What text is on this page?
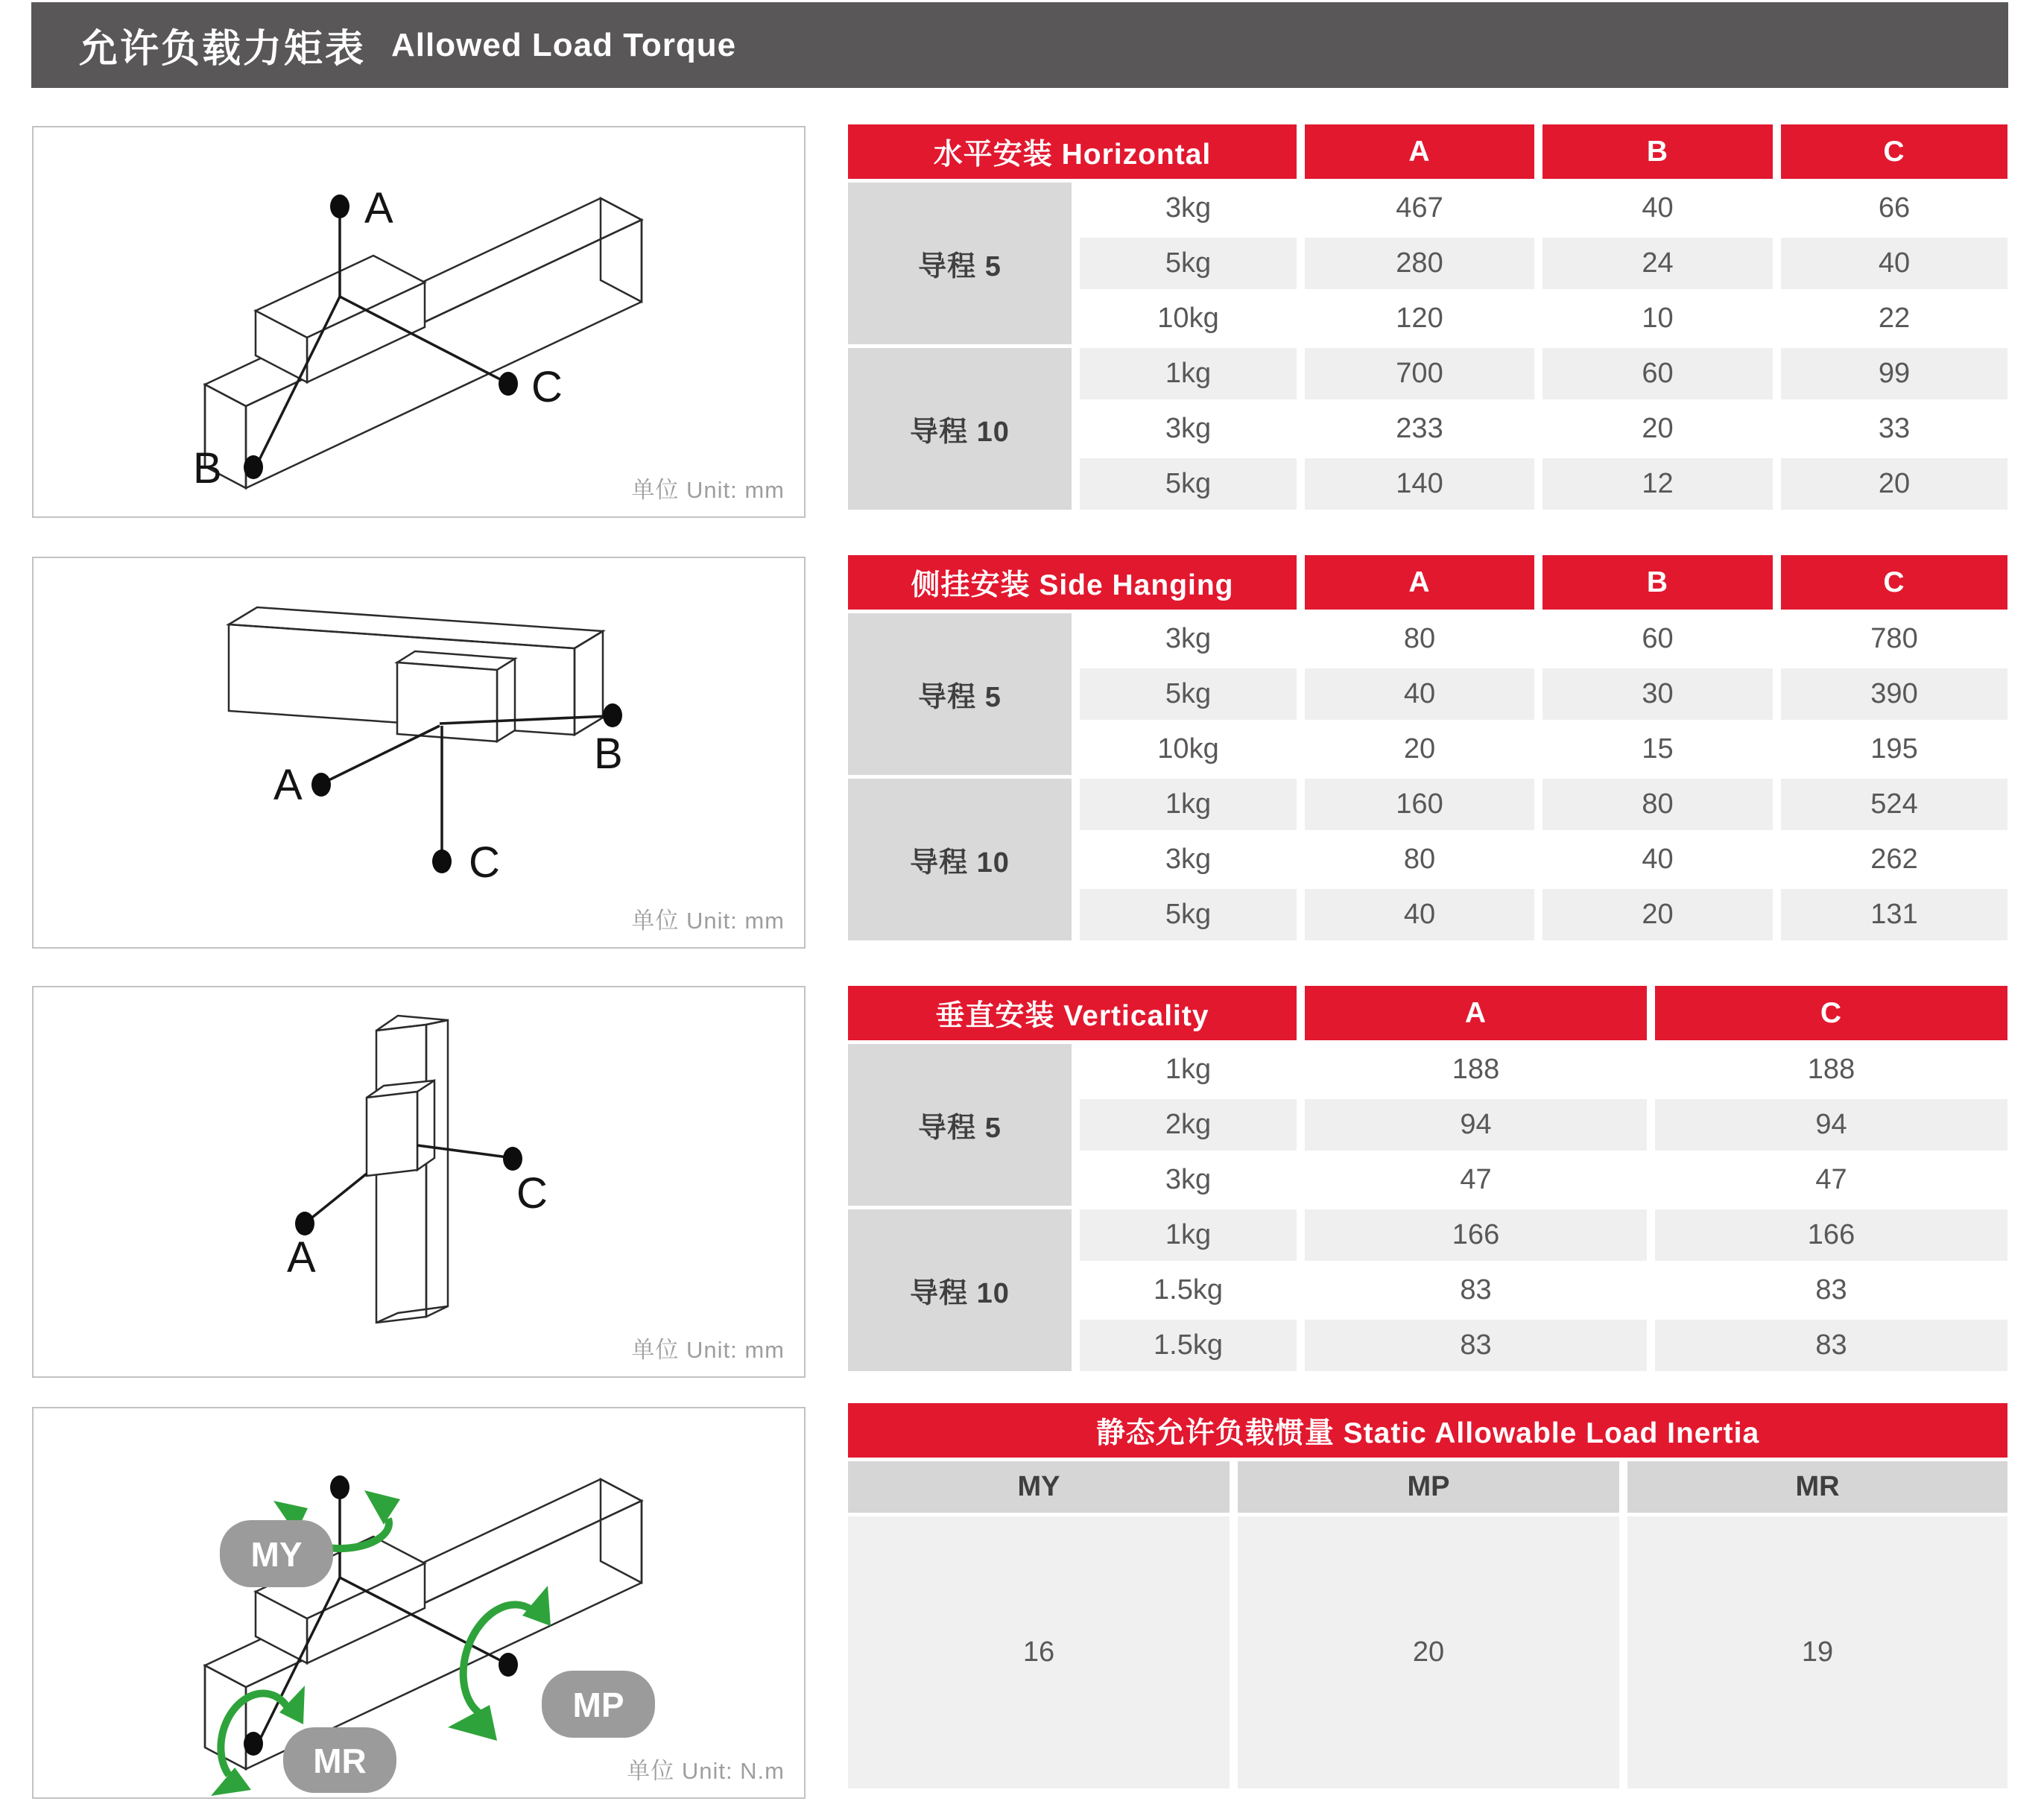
允许负载力矩表 Allowed Load Torque
A
B
C
单位 Unit: mm
A
B
C
单位 Unit: mm
A
C
单位 Unit: mm
MY
MP
MR	单位 Unit: N.m
水平安装 Horizontal	A	B	C
导程 5
3kg	467	40	66
5kg	280	24	40
10kg	120	10	22
导程 10
1kg	700	60	99
3kg	233	20	33
5kg	140	12	20
侧挂安装 Side Hanging	A	B	C
导程 5
3kg	80	60	780
5kg	40	30	390
10kg	20	15	195
导程 10
1kg	160	80	524
3kg	80	40	262
5kg	40	20	131
垂直安装 Verticality	A	C
导程 5
1kg	188	188
2kg	94	94
3kg	47	47
导程 10
1kg	166	166
1.5kg	83	83
1.5kg	83	83
静态允许负载惯量 Static Allowable Load Inertia
MY	MP	MR
16	20	19
